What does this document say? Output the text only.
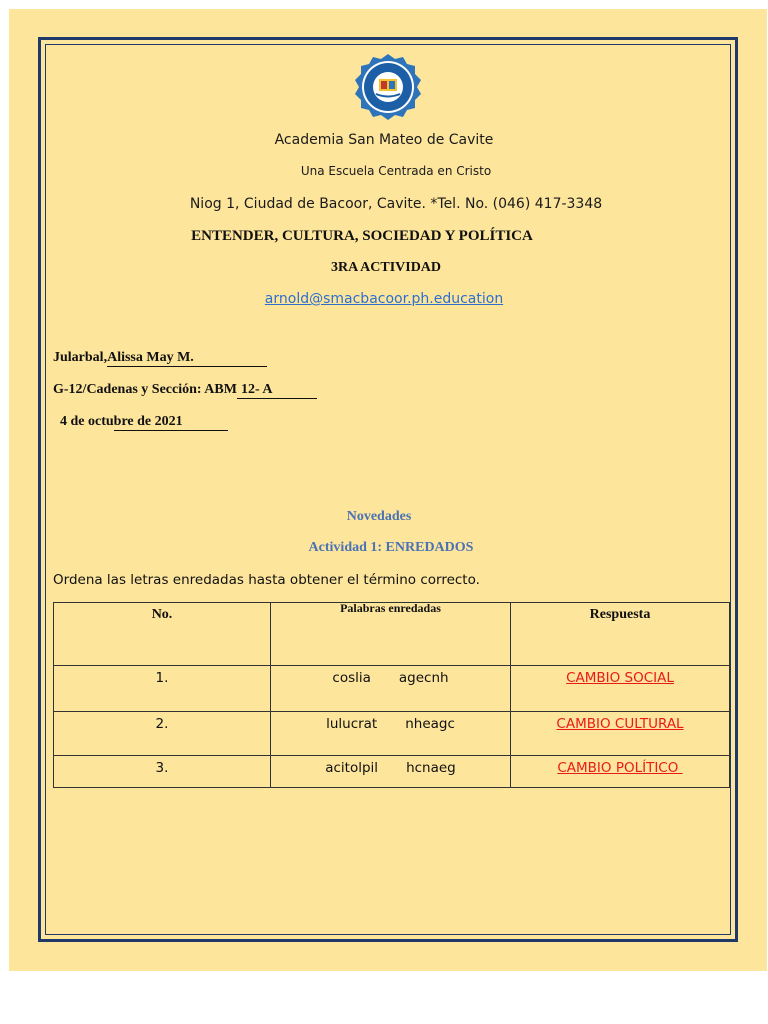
Academia San Mateo de Cavite
Una Escuela Centrada en Cristo
Niog 1, Ciudad de Bacoor, Cavite. *Tel. No. (046) 417-3348
ENTENDER, CULTURA, SOCIEDAD Y POLÍTICA
3RA ACTIVIDAD
arnold@smacbacoor.ph.education
Jularbal,Alissa May M.
G-12/Cadenas y Sección: ABM 12- A
4 de octubre de 2021
Novedades
Actividad 1: ENREDADOS
Ordena las letras enredadas hasta obtener el término correcto.
No.	$^{Palabras enredadas}$	Respuesta
1.	coslia agecnh	CAMBIO SOCIAL
2.	lulucrat nheagc	CAMBIO CULTURAL
3.	acitolpil hcnaeg	CAMBIO POLÍTICO
